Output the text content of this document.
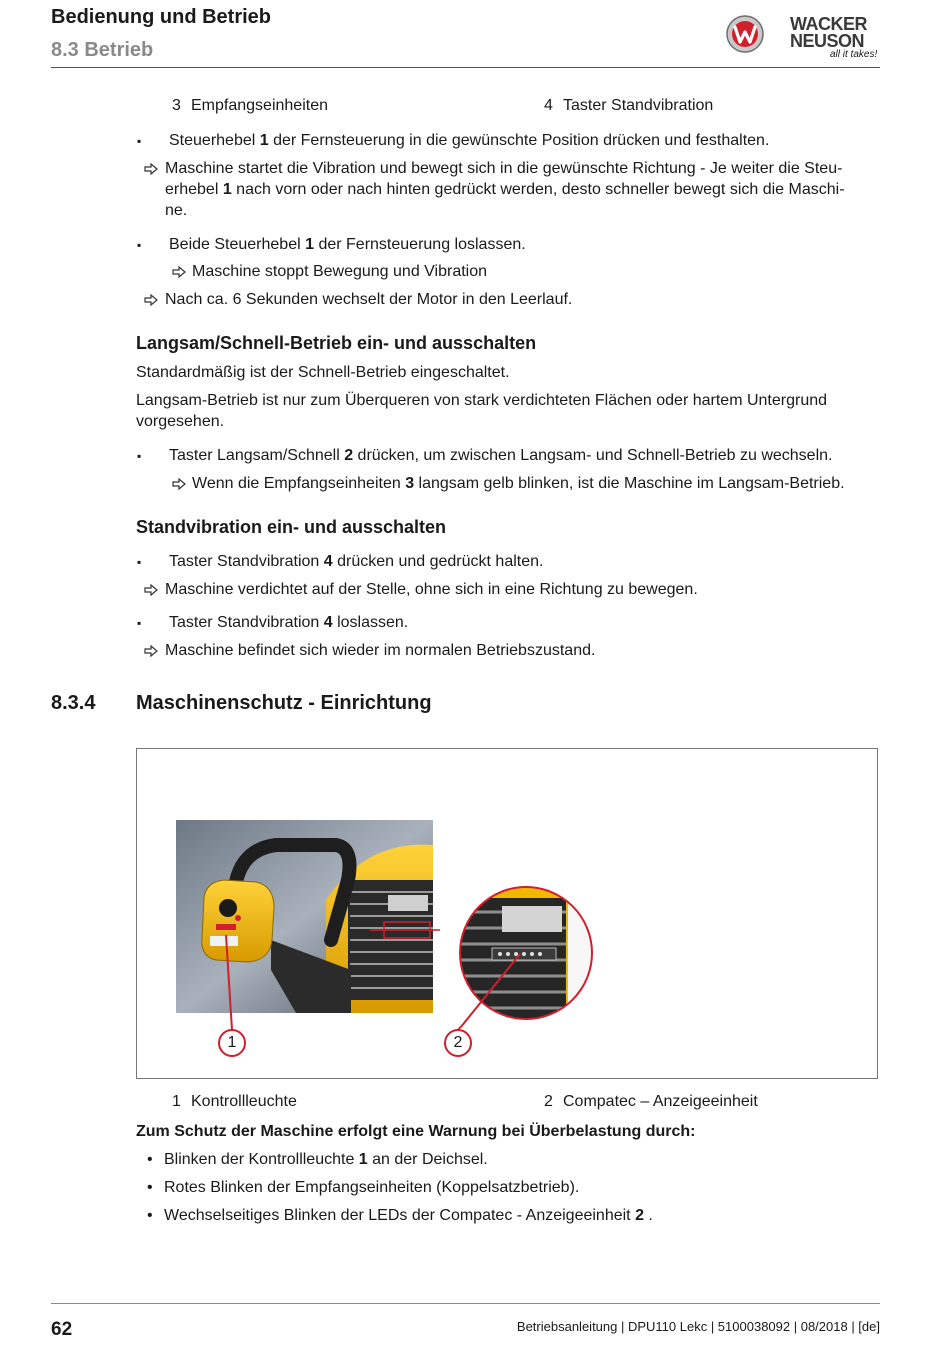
Bedienung und Betrieb
8.3 Betrieb
WACKER
NEUSON
all it takes!
3 Empfangseinheiten	4 Taster Standvibration
▪ Steuerhebel 1 der Fernsteuerung in die gewünschte Position drücken und festhalten.
Maschine startet die Vibration und bewegt sich in die gewünschte Richtung - Je weiter die Steu-
erhebel 1 nach vorn oder nach hinten gedrückt werden, desto schneller bewegt sich die Maschi-
ne.
▪ Beide Steuerhebel 1 der Fernsteuerung loslassen.
Maschine stoppt Bewegung und Vibration
Nach ca. 6 Sekunden wechselt der Motor in den Leerlauf.
Langsam/Schnell-Betrieb ein- und ausschalten
Standardmäßig ist der Schnell-Betrieb eingeschaltet.
Langsam-Betrieb ist nur zum Überqueren von stark verdichteten Flächen oder hartem Untergrund
vorgesehen.
▪ Taster Langsam/Schnell 2 drücken, um zwischen Langsam- und Schnell-Betrieb zu wechseln.
Wenn die Empfangseinheiten 3 langsam gelb blinken, ist die Maschine im Langsam-Betrieb.
Standvibration ein- und ausschalten
▪ Taster Standvibration 4 drücken und gedrückt halten.
Maschine verdichtet auf der Stelle, ohne sich in eine Richtung zu bewegen.
▪ Taster Standvibration 4 loslassen.
Maschine befindet sich wieder im normalen Betriebszustand.
8.3.4 Maschinenschutz - Einrichtung
1	2
1 Kontrollleuchte	2 Compatec – Anzeigeeinheit
Zum Schutz der Maschine erfolgt eine Warnung bei Überbelastung durch:
• Blinken der Kontrollleuchte 1 an der Deichsel.
• Rotes Blinken der Empfangseinheiten (Koppelsatzbetrieb).
• Wechselseitiges Blinken der LEDs der Compatec - Anzeigeeinheit 2 .
62	Betriebsanleitung | DPU110 Lekc | 5100038092 | 08/2018 | [de]
